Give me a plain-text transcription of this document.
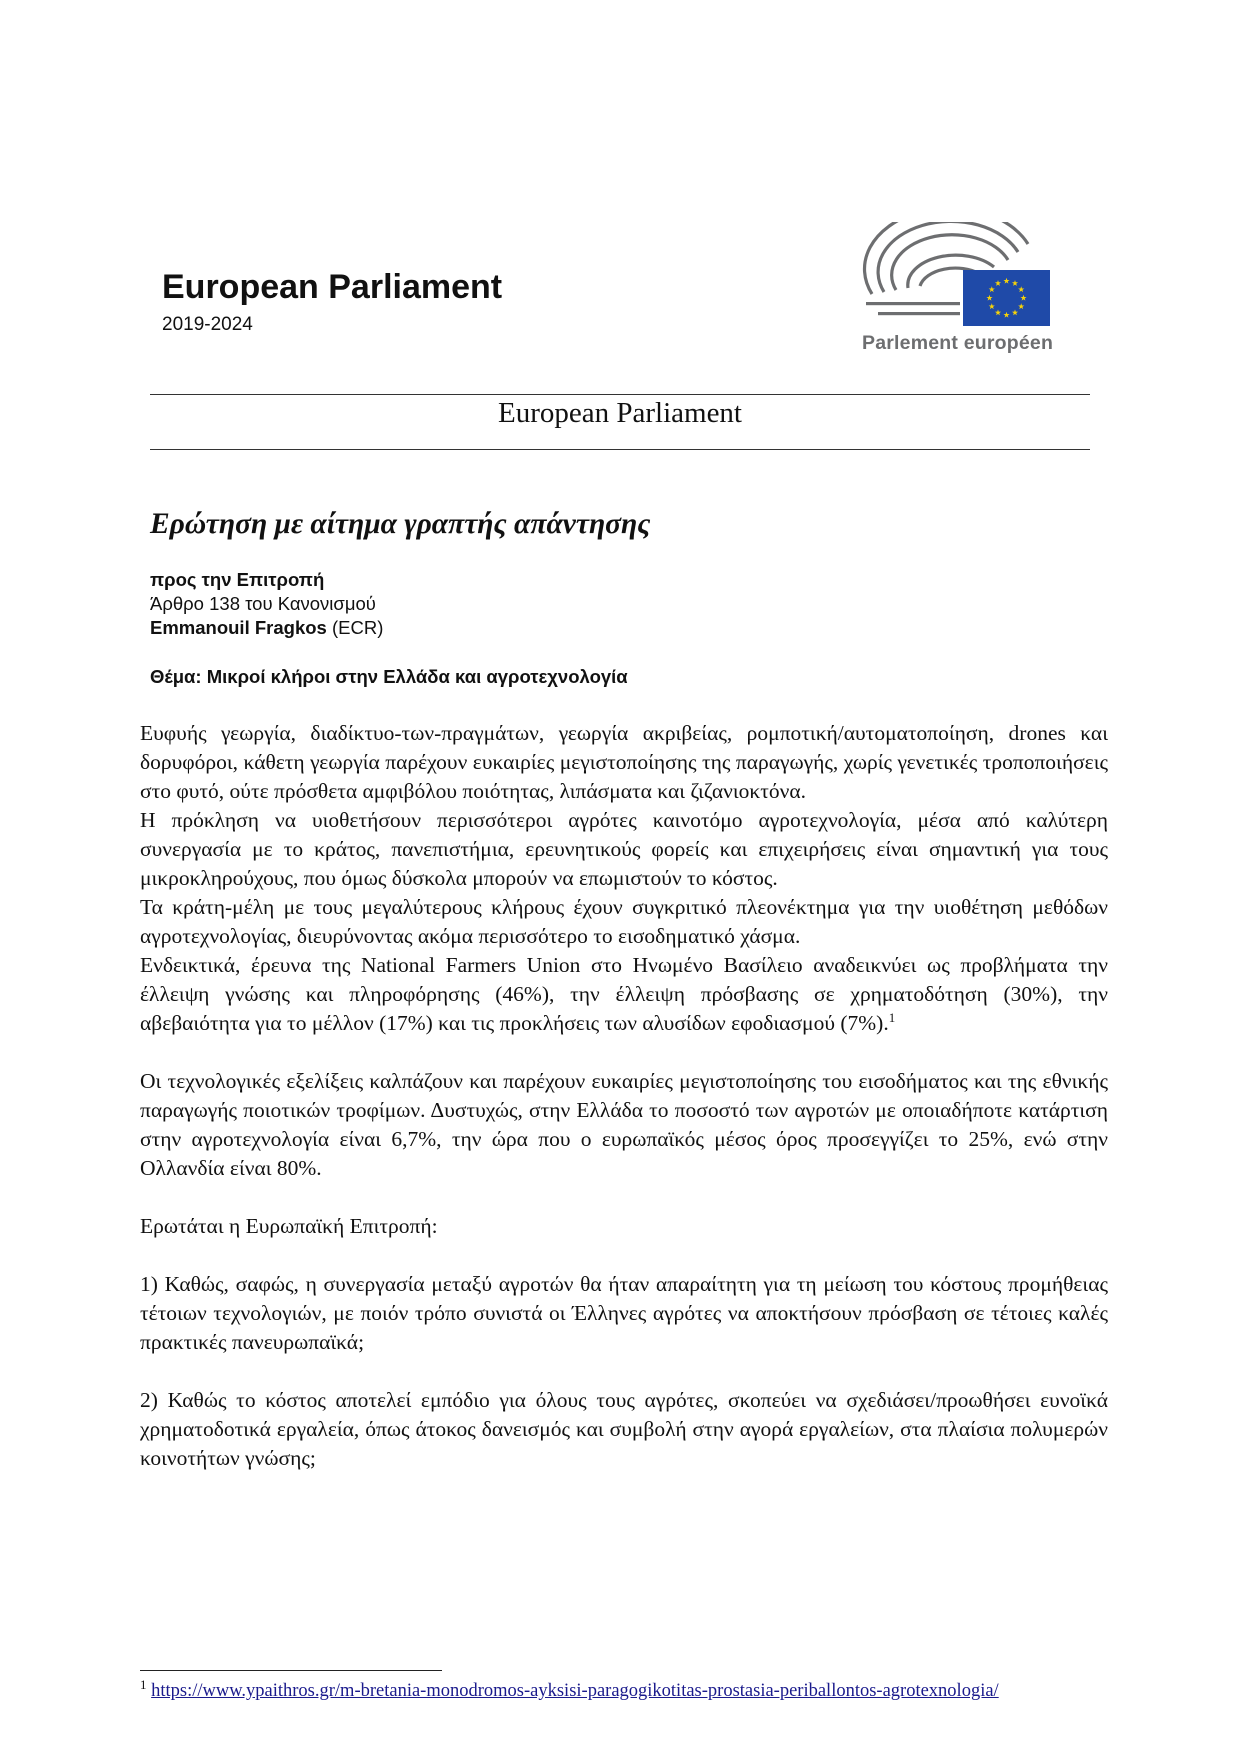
European Parliament
2019-2024
Parlement européen
European Parliament
Ερώτηση με αίτημα γραπτής απάντησης
προς την Επιτροπή
Άρθρο 138 του Κανονισμού
Emmanouil Fragkos (ECR)
Θέμα: Μικροί κλήροι στην Ελλάδα και αγροτεχνολογία

Ευφυής γεωργία, διαδίκτυο-των-πραγμάτων, γεωργία ακριβείας, ρομποτική/αυτοματοποίηση, drones και δορυφόροι, κάθετη γεωργία παρέχουν ευκαιρίες μεγιστοποίησης της παραγωγής, χωρίς γενετικές τροποποιήσεις στο φυτό, ούτε πρόσθετα αμφιβόλου ποιότητας, λιπάσματα και ζιζανιοκτόνα.

Η πρόκληση να υιοθετήσουν περισσότεροι αγρότες καινοτόμο αγροτεχνολογία, μέσα από καλύτερη συνεργασία με το κράτος, πανεπιστήμια, ερευνητικούς φορείς και επιχειρήσεις είναι σημαντική για τους μικροκληρούχους, που όμως δύσκολα μπορούν να επωμιστούν το κόστος.

Τα κράτη-μέλη με τους μεγαλύτερους κλήρους έχουν συγκριτικό πλεονέκτημα για την υιοθέτηση μεθόδων αγροτεχνολογίας, διευρύνοντας ακόμα περισσότερο το εισοδηματικό χάσμα.

Ενδεικτικά, έρευνα της National Farmers Union στο Ηνωμένο Βασίλειο αναδεικνύει ως προβλήματα την έλλειψη γνώσης και πληροφόρησης (46%), την έλλειψη πρόσβασης σε χρηματοδότηση (30%), την αβεβαιότητα για το μέλλον (17%) και τις προκλήσεις των αλυσίδων εφοδιασμού (7%).$^1$

Οι τεχνολογικές εξελίξεις καλπάζουν και παρέχουν ευκαιρίες μεγιστοποίησης του εισοδήματος και της εθνικής παραγωγής ποιοτικών τροφίμων. Δυστυχώς, στην Ελλάδα το ποσοστό των αγροτών με οποιαδήποτε κατάρτιση στην αγροτεχνολογία είναι 6,7%, την ώρα που ο ευρωπαϊκός μέσος όρος προσεγγίζει το 25%, ενώ στην Ολλανδία είναι 80%.

Ερωτάται η Ευρωπαϊκή Επιτροπή:

1) Καθώς, σαφώς, η συνεργασία μεταξύ αγροτών θα ήταν απαραίτητη για τη μείωση του κόστους προμήθειας τέτοιων τεχνολογιών, με ποιόν τρόπο συνιστά οι Έλληνες αγρότες να αποκτήσουν πρόσβαση σε τέτοιες καλές πρακτικές πανευρωπαϊκά;

2) Καθώς το κόστος αποτελεί εμπόδιο για όλους τους αγρότες, σκοπεύει να σχεδιάσει/προωθήσει ευνοϊκά χρηματοδοτικά εργαλεία, όπως άτοκος δανεισμός και συμβολή στην αγορά εργαλείων, στα πλαίσια πολυμερών κοινοτήτων γνώσης;

$^1$ https://www.ypaithros.gr/m-bretania-monodromos-ayksisi-paragogikotitas-prostasia-periballontos-agrotexnologia/
